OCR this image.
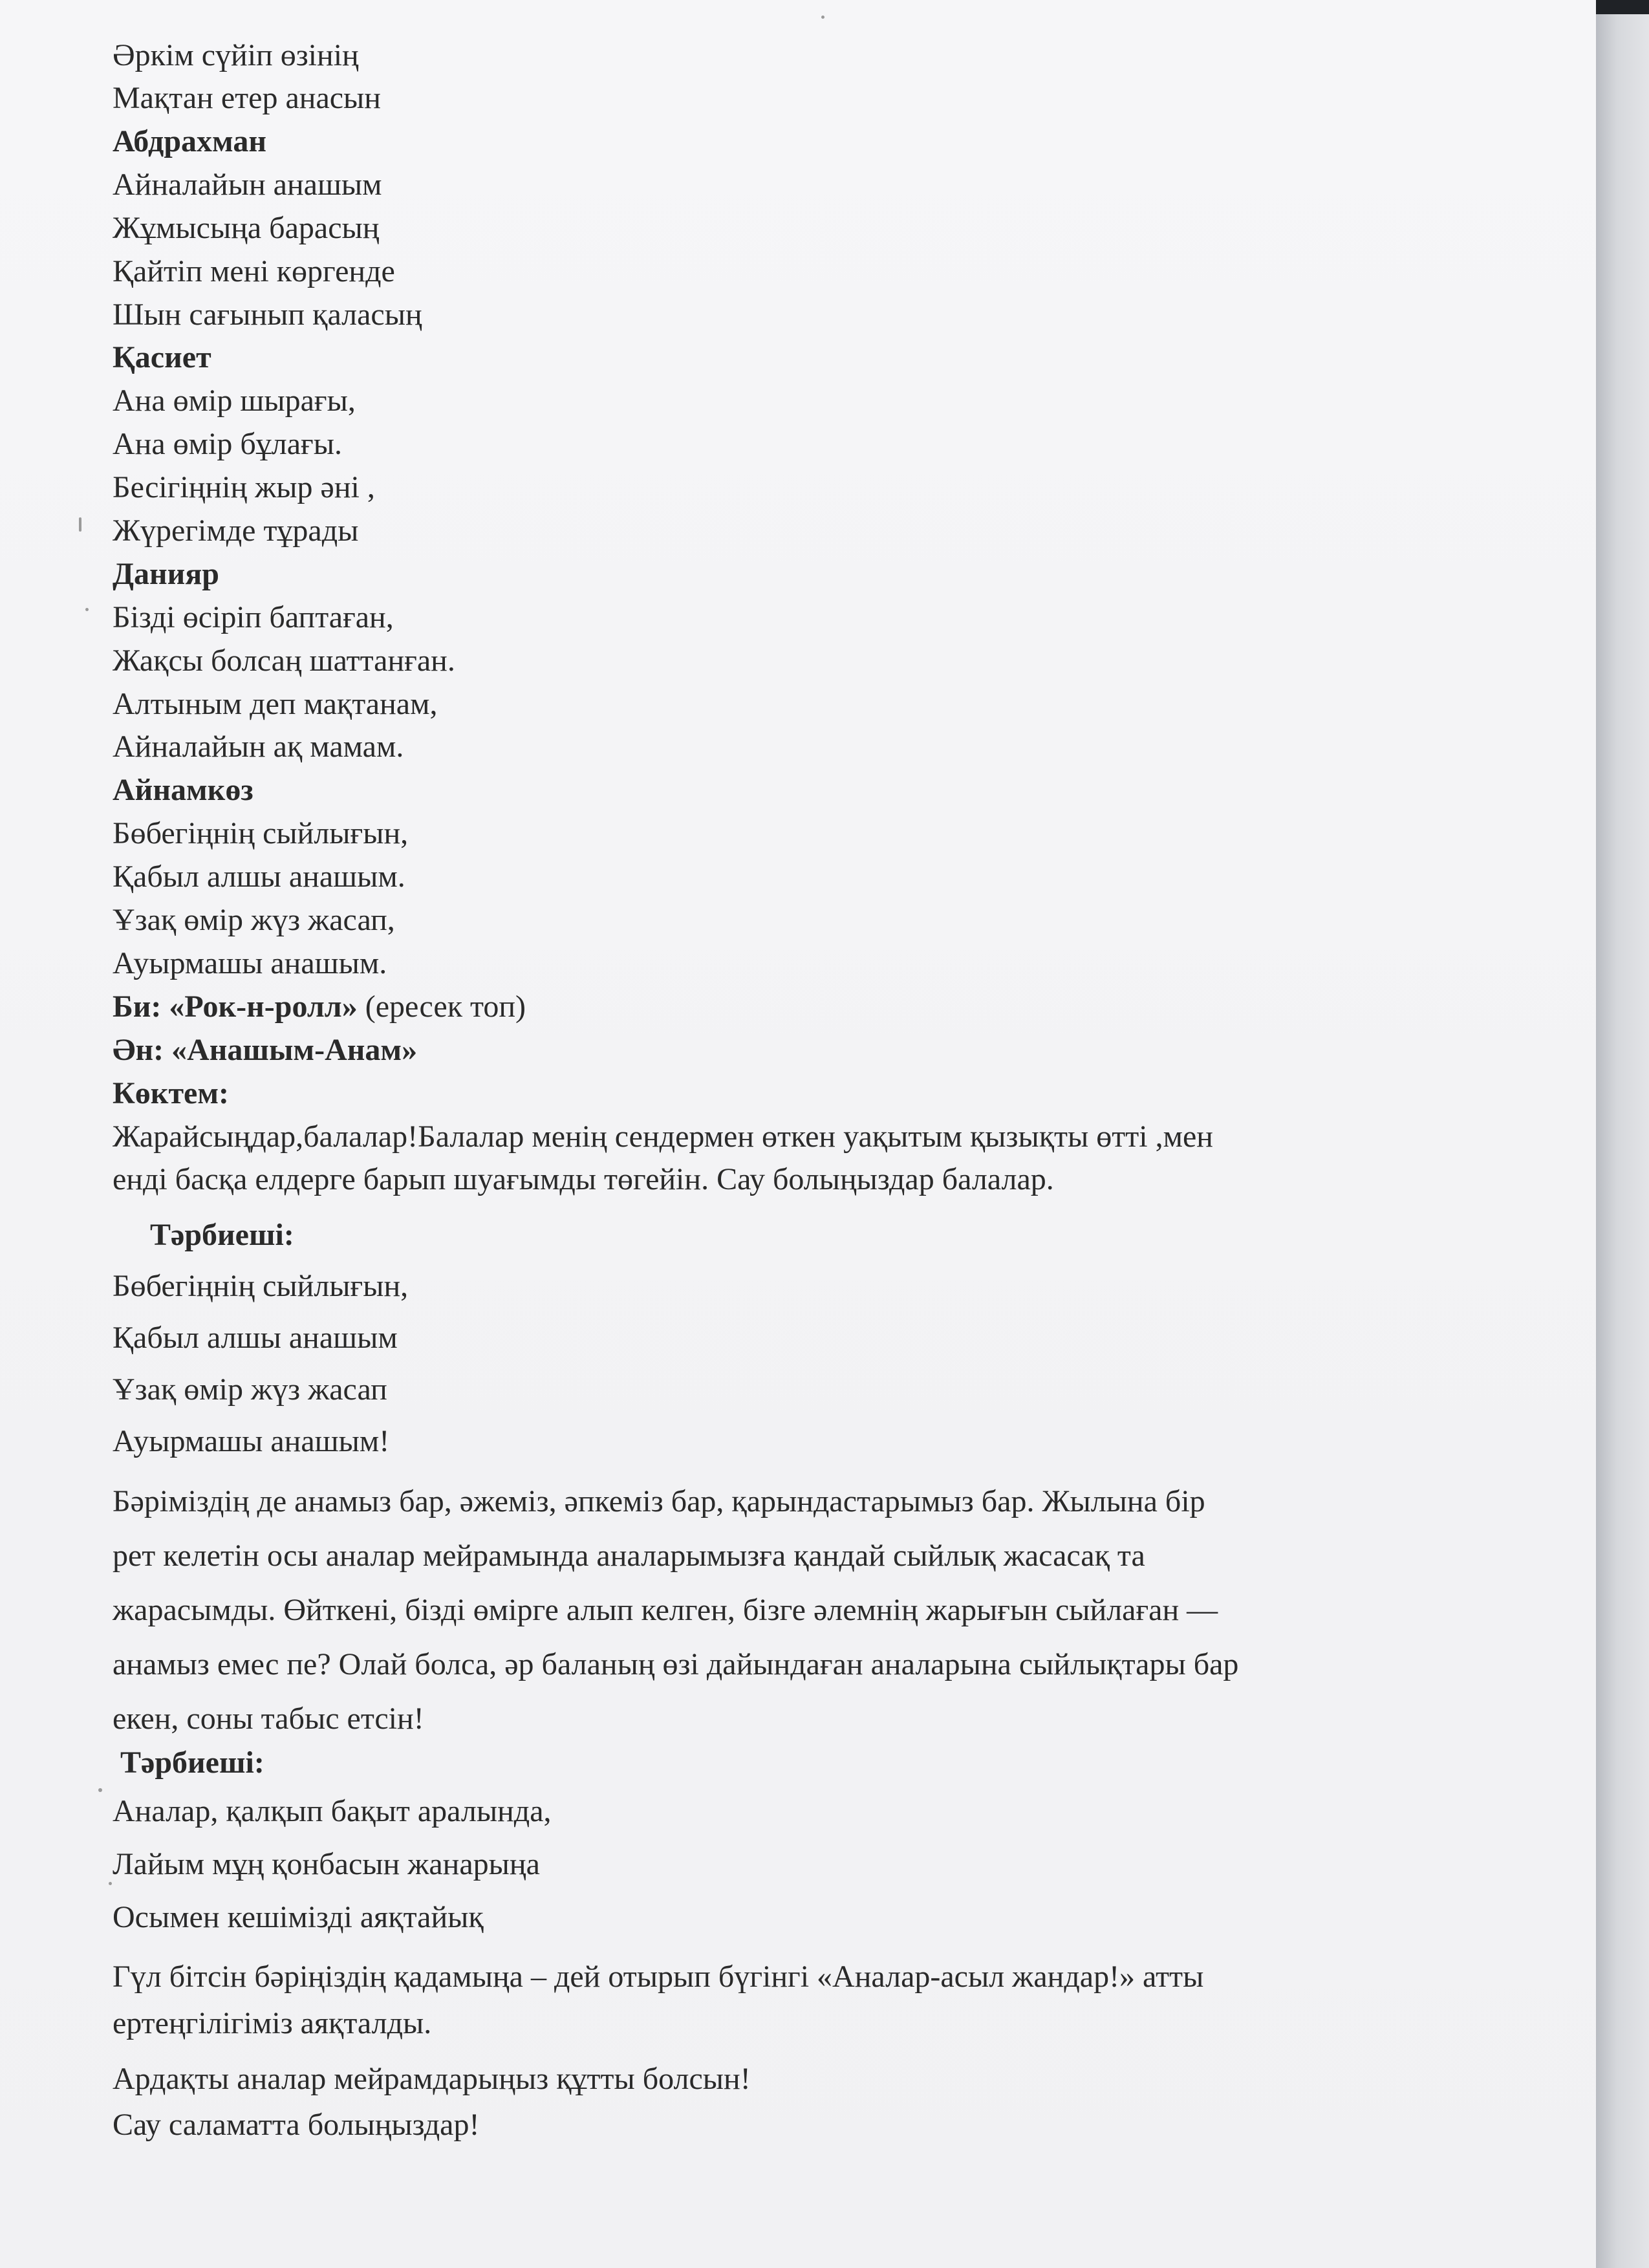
Әркім сүйіп өзінің
Мақтан етер анасын
Абдрахман
Айналайын анашым
Жұмысыңа барасың
Қайтіп мені көргенде
Шын сағынып қаласың
Қасиет
Ана өмір шырағы,
Ана өмір бұлағы.
Бесігіңнің жыр әні ,
Жүрегімде тұрады
Данияр
Бізді өсіріп баптаған,
Жақсы болсаң шаттанған.
Алтыным деп мақтанам,
Айналайын ақ мамам.
Айнамкөз
Бөбегіңнің сыйлығын,
Қабыл алшы анашым.
Ұзақ өмір жүз жасап,
Ауырмашы анашым.
Би: «Рок-н-ролл» (ересек топ)
Ән: «Анашым-Анам»
Көктем:
Жарайсыңдар,балалар!Балалар менің сендермен өткен уақытым қызықты өтті ,мен
енді басқа елдерге барып шуағымды төгейін. Сау болыңыздар балалар.
Тәрбиеші:
Бөбегіңнің сыйлығын,
Қабыл алшы анашым
Ұзақ өмір жүз жасап
Ауырмашы анашым!
Бәріміздің де анамыз бар, әжеміз, әпкеміз бар, қарындастарымыз бар. Жылына бір
рет келетін осы аналар мейрамында аналарымызға қандай сыйлық жасасақ та
жарасымды. Өйткені, бізді өмірге алып келген, бізге әлемнің жарығын сыйлаған —
анамыз емес пе? Олай болса, әр баланың өзі дайындаған аналарына сыйлықтары бар
екен, соны табыс етсін!
Тәрбиеші:
Аналар, қалқып бақыт аралында,
Лайым мұң қонбасын жанарыңа
Осымен кешімізді аяқтайық
Гүл бітсін бәріңіздің қадамыңа – дей отырып бүгінгі «Аналар-асыл жандар!» атты
ертеңгілігіміз аяқталды.
Ардақты аналар мейрамдарыңыз құтты болсын!
Сау саламатта болыңыздар!
